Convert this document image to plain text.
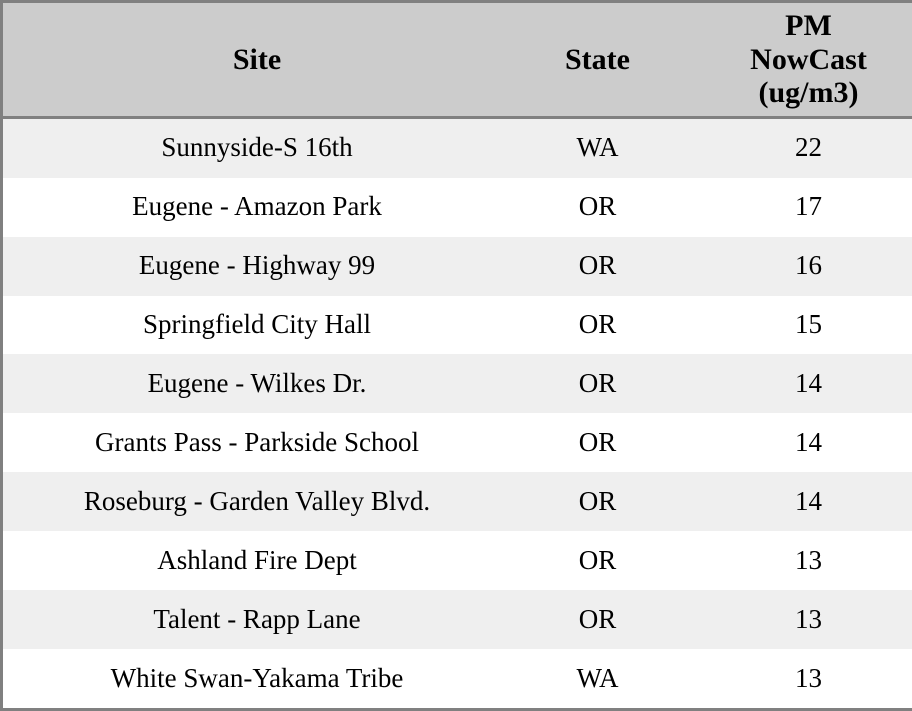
Site	State	PM
NowCast
(ug/m3)

Sunnyside-S 16th	WA	22
Eugene - Amazon Park	OR	17
Eugene - Highway 99	OR	16
Springfield City Hall	OR	15
Eugene - Wilkes Dr.	OR	14
Grants Pass - Parkside School	OR	14
Roseburg - Garden Valley Blvd.	OR	14
Ashland Fire Dept	OR	13
Talent - Rapp Lane	OR	13
White Swan-Yakama Tribe	WA	13
